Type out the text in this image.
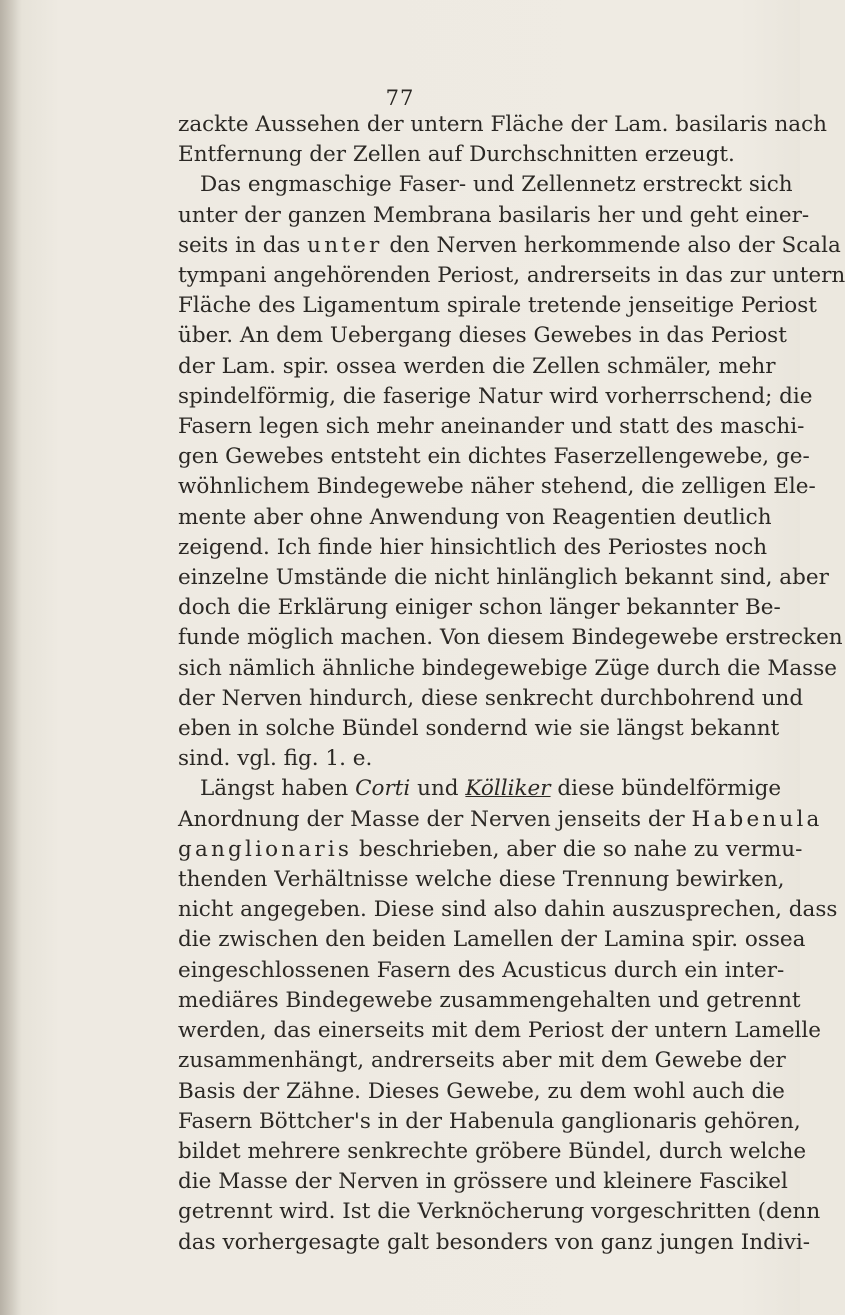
77
zackte Aussehen der untern Fläche der Lam. basilaris nach
Entfernung der Zellen auf Durchschnitten erzeugt.
Das engmaschige Faser- und Zellennetz erstreckt sich
unter der ganzen Membrana basilaris her und geht einer-
seits in das unter den Nerven herkommende also der Scala
tympani angehörenden Periost, andrerseits in das zur untern
Fläche des Ligamentum spirale tretende jenseitige Periost
über. An dem Uebergang dieses Gewebes in das Periost
der Lam. spir. ossea werden die Zellen schmäler, mehr
spindelförmig, die faserige Natur wird vorherrschend; die
Fasern legen sich mehr aneinander und statt des maschi-
gen Gewebes entsteht ein dichtes Faserzellengewebe, ge-
wöhnlichem Bindegewebe näher stehend, die zelligen Ele-
mente aber ohne Anwendung von Reagentien deutlich
zeigend. Ich finde hier hinsichtlich des Periostes noch
einzelne Umstände die nicht hinlänglich bekannt sind, aber
doch die Erklärung einiger schon länger bekannter Be-
funde möglich machen. Von diesem Bindegewebe erstrecken
sich nämlich ähnliche bindegewebige Züge durch die Masse
der Nerven hindurch, diese senkrecht durchbohrend und
eben in solche Bündel sondernd wie sie längst bekannt
sind. vgl. fig. 1. e.
Längst haben Corti und Kölliker diese bündelförmige
Anordnung der Masse der Nerven jenseits der Habenula
ganglionaris beschrieben, aber die so nahe zu vermu-
thenden Verhältnisse welche diese Trennung bewirken,
nicht angegeben. Diese sind also dahin auszusprechen, dass
die zwischen den beiden Lamellen der Lamina spir. ossea
eingeschlossenen Fasern des Acusticus durch ein inter-
mediäres Bindegewebe zusammengehalten und getrennt
werden, das einerseits mit dem Periost der untern Lamelle
zusammenhängt, andrerseits aber mit dem Gewebe der
Basis der Zähne. Dieses Gewebe, zu dem wohl auch die
Fasern Böttcher's in der Habenula ganglionaris gehören,
bildet mehrere senkrechte gröbere Bündel, durch welche
die Masse der Nerven in grössere und kleinere Fascikel
getrennt wird. Ist die Verknöcherung vorgeschritten (denn
das vorhergesagte galt besonders von ganz jungen Indivi-
